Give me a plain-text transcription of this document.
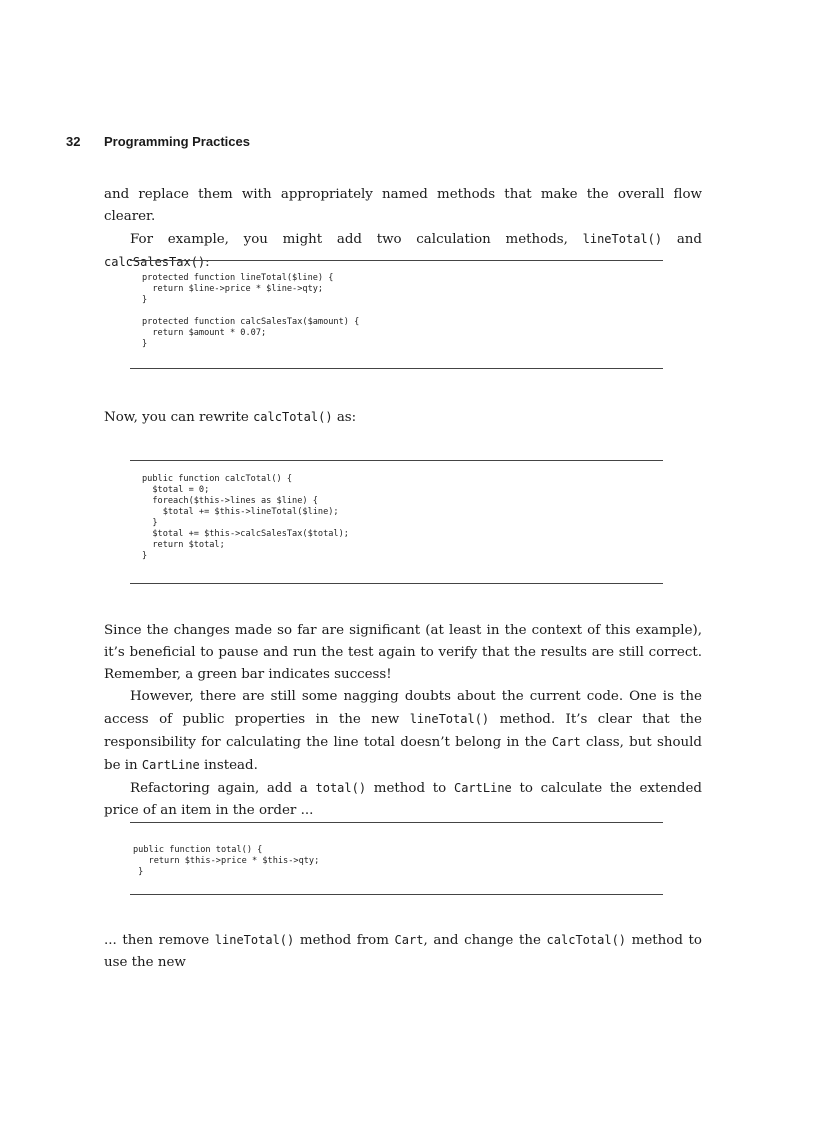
32 Programming Practices

and replace them with appropriately named methods that make the overall flow clearer.

For example, you might add two calculation methods, lineTotal() and calcSalesTax():

protected function lineTotal($line) {
return $line->price * $line->qty;
}

protected function calcSalesTax($amount) {
return $amount * 0.07;
}

Now, you can rewrite calcTotal() as:

public function calcTotal() {
$total = 0;
foreach($this->lines as $line) {
$total += $this->lineTotal($line);
}
$total += $this->calcSalesTax($total);
return $total;
}

Since the changes made so far are significant (at least in the context of this example), it’s beneficial to pause and run the test again to verify that the results are still correct. Remember, a green bar indicates success!

However, there are still some nagging doubts about the current code. One is the access of public properties in the new lineTotal() method. It’s clear that the responsibility for calculating the line total doesn’t belong in the Cart class, but should be in CartLine instead.

Refactoring again, add a total() method to CartLine to calculate the extended price of an item in the order ...

public function total() {
return $this->price * $this->qty;
}

... then remove lineTotal() method from Cart, and change the calcTotal() method to use the new
